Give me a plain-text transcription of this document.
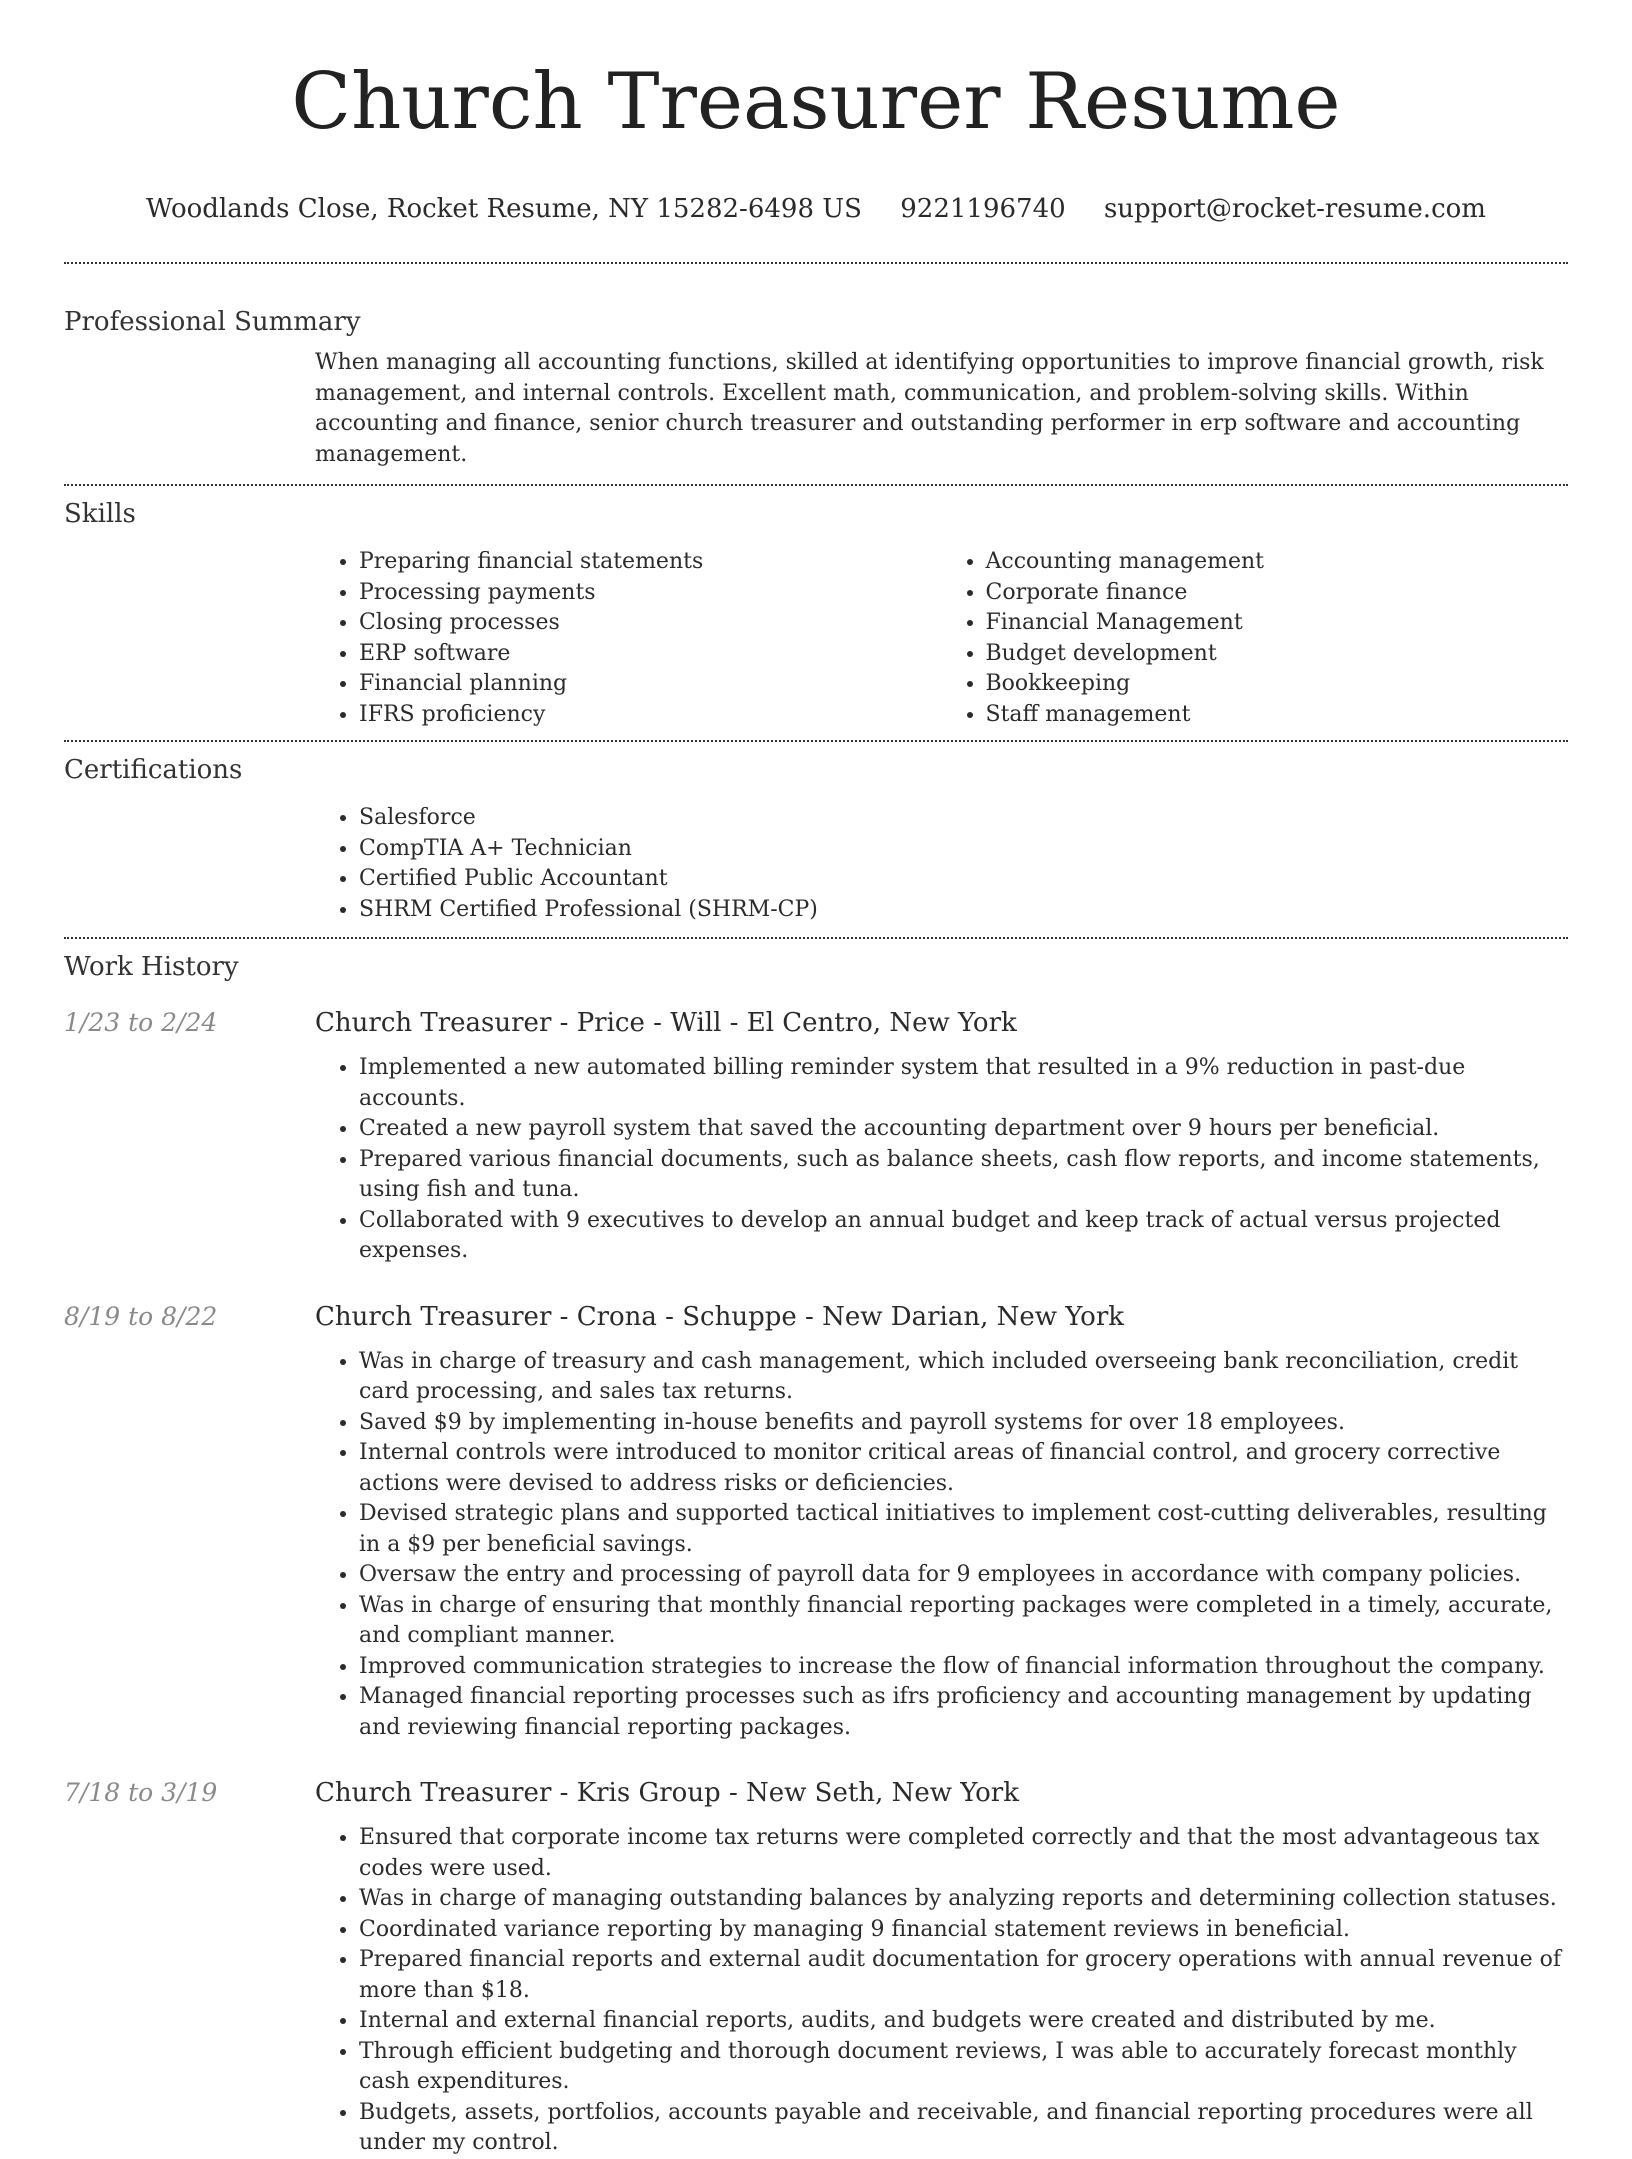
Church Treasurer Resume
Woodlands Close, Rocket Resume, NY 15282-6498 US 9221196740 support@rocket-resume.com
Professional Summary

When managing all accounting functions, skilled at identifying opportunities to improve financial growth, risk management, and internal controls. Excellent math, communication, and problem-solving skills. Within accounting and finance, senior church treasurer and outstanding performer in erp software and accounting management.

Skills
• Preparing financial statements
• Processing payments
• Closing processes
• ERP software
• Financial planning
• IFRS proficiency
• Accounting management
• Corporate finance
• Financial Management
• Budget development
• Bookkeeping
• Staff management
Certifications
• Salesforce
• CompTIA A+ Technician
• Certified Public Accountant
• SHRM Certified Professional (SHRM-CP)
Work History
1/23 to 2/24	Church Treasurer - Price - Will - El Centro, New York
• Implemented a new automated billing reminder system that resulted in a 9% reduction in past-due accounts.
• Created a new payroll system that saved the accounting department over 9 hours per beneficial.
• Prepared various financial documents, such as balance sheets, cash flow reports, and income statements, using fish and tuna.
• Collaborated with 9 executives to develop an annual budget and keep track of actual versus projected expenses.
8/19 to 8/22	Church Treasurer - Crona - Schuppe - New Darian, New York
• Was in charge of treasury and cash management, which included overseeing bank reconciliation, credit card processing, and sales tax returns.
• Saved $9 by implementing in-house benefits and payroll systems for over 18 employees.
• Internal controls were introduced to monitor critical areas of financial control, and grocery corrective actions were devised to address risks or deficiencies.
• Devised strategic plans and supported tactical initiatives to implement cost-cutting deliverables, resulting in a $9 per beneficial savings.
• Oversaw the entry and processing of payroll data for 9 employees in accordance with company policies.
• Was in charge of ensuring that monthly financial reporting packages were completed in a timely, accurate, and compliant manner.
• Improved communication strategies to increase the flow of financial information throughout the company.
• Managed financial reporting processes such as ifrs proficiency and accounting management by updating and reviewing financial reporting packages.
7/18 to 3/19	Church Treasurer - Kris Group - New Seth, New York
• Ensured that corporate income tax returns were completed correctly and that the most advantageous tax codes were used.
• Was in charge of managing outstanding balances by analyzing reports and determining collection statuses.
• Coordinated variance reporting by managing 9 financial statement reviews in beneficial.
• Prepared financial reports and external audit documentation for grocery operations with annual revenue of more than $18.
• Internal and external financial reports, audits, and budgets were created and distributed by me.
• Through efficient budgeting and thorough document reviews, I was able to accurately forecast monthly cash expenditures.
• Budgets, assets, portfolios, accounts payable and receivable, and financial reporting procedures were all under my control.
